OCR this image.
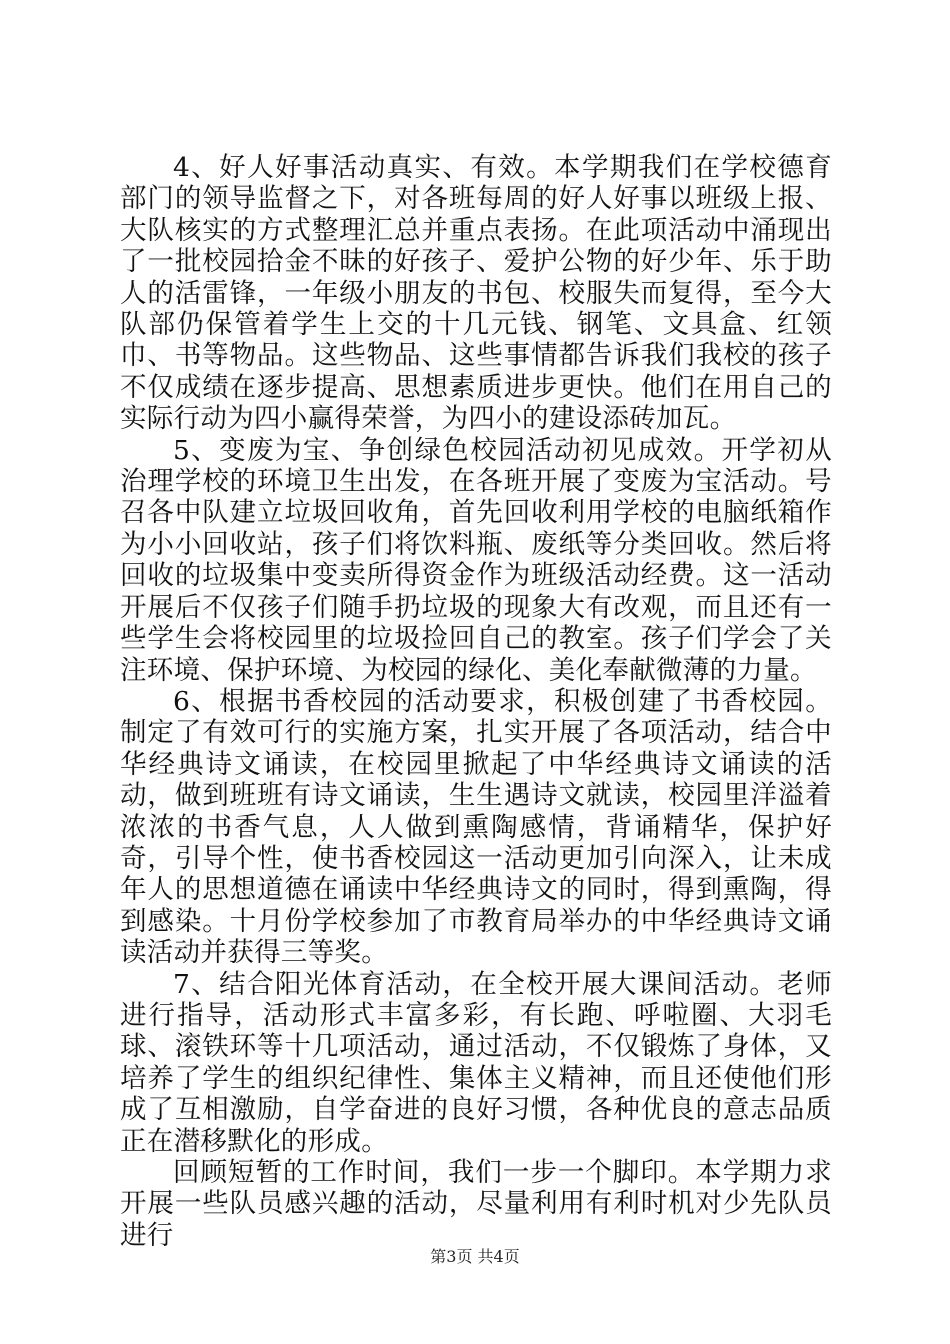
4、好人好事活动真实、有效。本学期我们在学校德育部门的领导监督之下，对各班每周的好人好事以班级上报、大队核实的方式整理汇总并重点表扬。在此项活动中涌现出了一批校园拾金不昧的好孩子、爱护公物的好少年、乐于助人的活雷锋，一年级小朋友的书包、校服失而复得，至今大队部仍保管着学生上交的十几元钱、钢笔、文具盒、红领巾、书等物品。这些物品、这些事情都告诉我们我校的孩子不仅成绩在逐步提高、思想素质进步更快。他们在用自己的实际行动为四小赢得荣誉，为四小的建设添砖加瓦。

5、变废为宝、争创绿色校园活动初见成效。开学初从治理学校的环境卫生出发，在各班开展了变废为宝活动。号召各中队建立垃圾回收角，首先回收利用学校的电脑纸箱作为小小回收站，孩子们将饮料瓶、废纸等分类回收。然后将回收的垃圾集中变卖所得资金作为班级活动经费。这一活动开展后不仅孩子们随手扔垃圾的现象大有改观，而且还有一些学生会将校园里的垃圾捡回自己的教室。孩子们学会了关注环境、保护环境、为校园的绿化、美化奉献微薄的力量。

6、根据书香校园的活动要求，积极创建了书香校园。制定了有效可行的实施方案，扎实开展了各项活动，结合中华经典诗文诵读，在校园里掀起了中华经典诗文诵读的活动，做到班班有诗文诵读，生生遇诗文就读，校园里洋溢着浓浓的书香气息，人人做到熏陶感情，背诵精华，保护好奇，引导个性，使书香校园这一活动更加引向深入，让未成年人的思想道德在诵读中华经典诗文的同时，得到熏陶，得到感染。十月份学校参加了市教育局举办的中华经典诗文诵读活动并获得三等奖。

7、结合阳光体育活动，在全校开展大课间活动。老师进行指导，活动形式丰富多彩，有长跑、呼啦圈、大羽毛球、滚铁环等十几项活动，通过活动，不仅锻炼了身体，又培养了学生的组织纪律性、集体主义精神，而且还使他们形成了互相激励，自学奋进的良好习惯，各种优良的意志品质正在潜移默化的形成。

回顾短暂的工作时间，我们一步一个脚印。本学期力求开展一些队员感兴趣的活动，尽量利用有利时机对少先队员进行

第3页 共4页
